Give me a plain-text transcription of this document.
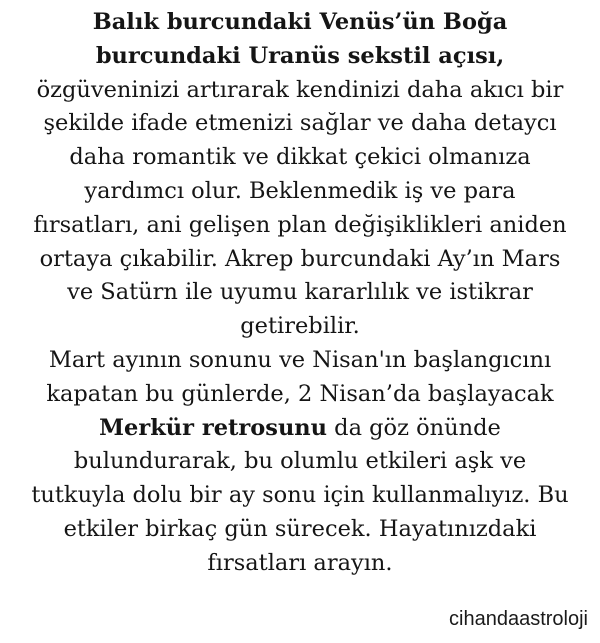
Balık burcundaki Venüs’ün Boğa
burcundaki Uranüs sekstil açısı,
özgüveninizi artırarak kendinizi daha akıcı bir
şekilde ifade etmenizi sağlar ve daha detaycı
daha romantik ve dikkat çekici olmanıza
yardımcı olur. Beklenmedik iş ve para
fırsatları, ani gelişen plan değişiklikleri aniden
ortaya çıkabilir. Akrep burcundaki Ay’ın Mars
ve Satürn ile uyumu kararlılık ve istikrar
getirebilir.

Mart ayının sonunu ve Nisan'ın başlangıcını
kapatan bu günlerde, 2 Nisan’da başlayacak
Merkür retrosunu da göz önünde
bulundurarak, bu olumlu etkileri aşk ve
tutkuyla dolu bir ay sonu için kullanmalıyız. Bu
etkiler birkaç gün sürecek. Hayatınızdaki
fırsatları arayın.

cihandaastroloji
